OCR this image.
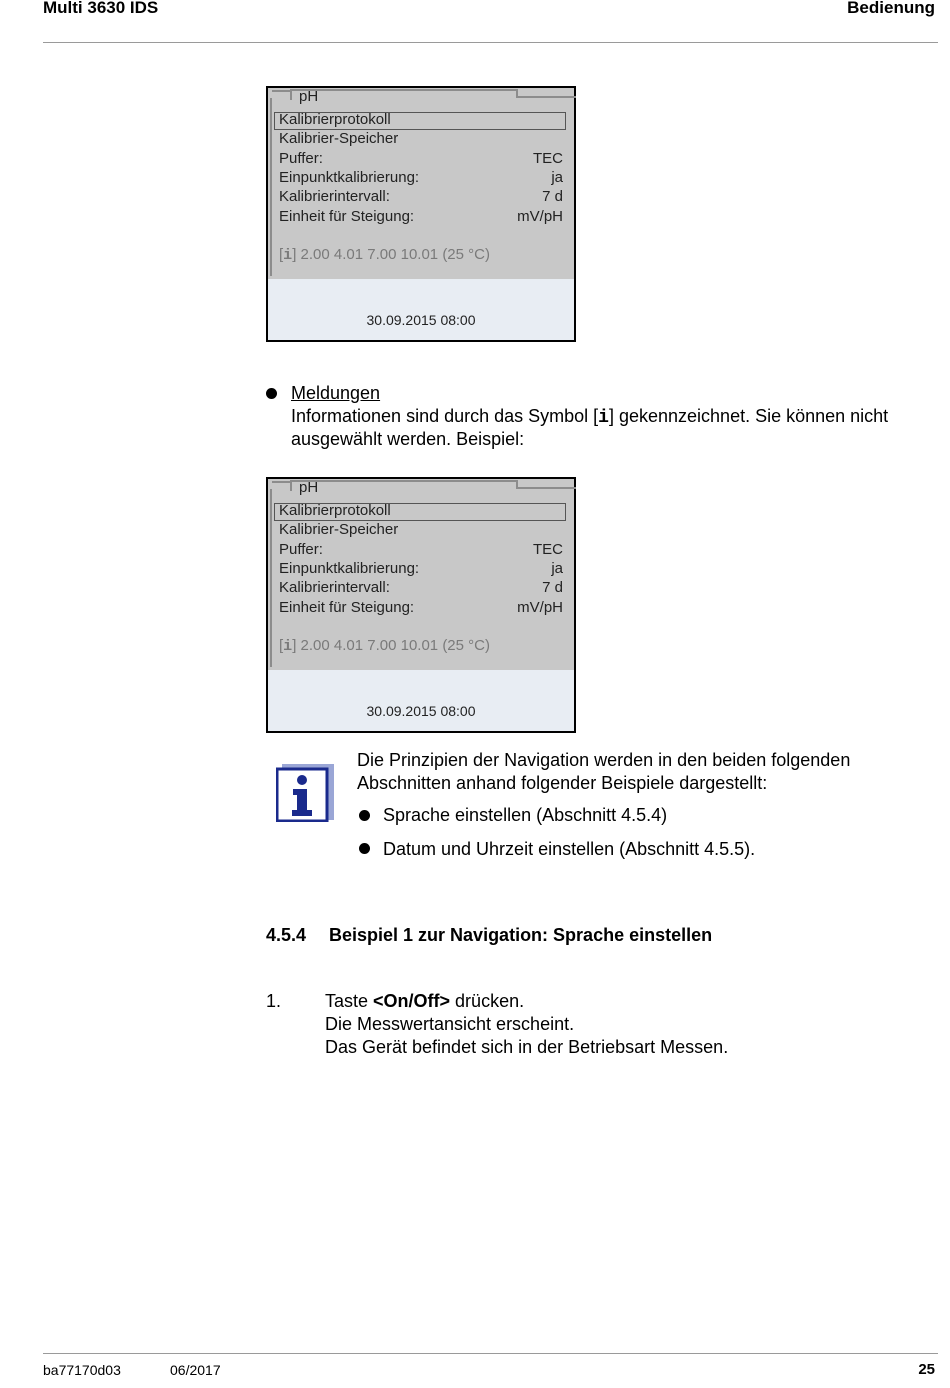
Multi 3630 IDS	Bedienung
pH
Kalibrierprotokoll
Kalibrier-Speicher
Puffer:	TEC
Einpunktkalibrierung:	ja
Kalibrierintervall:	7 d
Einheit für Steigung:	mV/pH
[i] 2.00 4.01 7.00 10.01 (25 °C)
30.09.2015 08:00
Meldungen
Informationen sind durch das Symbol [i] gekennzeichnet. Sie können nicht
ausgewählt werden. Beispiel:
pH
Kalibrierprotokoll
Kalibrier-Speicher
Puffer:	TEC
Einpunktkalibrierung:	ja
Kalibrierintervall:	7 d
Einheit für Steigung:	mV/pH
[i] 2.00 4.01 7.00 10.01 (25 °C)
30.09.2015 08:00
Die Prinzipien der Navigation werden in den beiden folgenden
Abschnitten anhand folgender Beispiele dargestellt:
Sprache einstellen (Abschnitt 4.5.4)
Datum und Uhrzeit einstellen (Abschnitt 4.5.5).
4.5.4 Beispiel 1 zur Navigation: Sprache einstellen
1. Taste <On/Off> drücken.
Die Messwertansicht erscheint.
Das Gerät befindet sich in der Betriebsart Messen.
ba77170d03	06/2017	25
